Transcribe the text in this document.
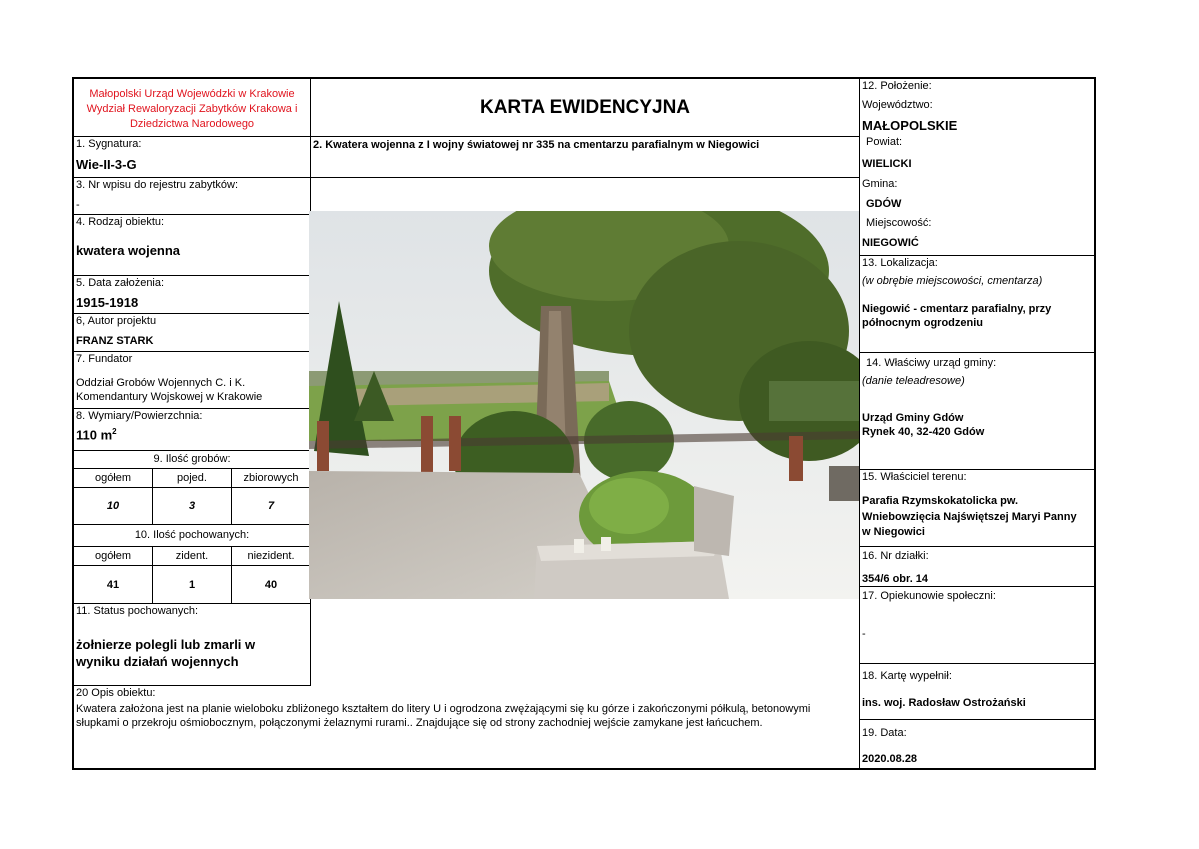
Małopolski Urząd Wojewódzki w Krakowie
Wydział Rewaloryzacji Zabytków Krakowa i
Dziedzictwa Narodowego
1. Sygnatura:
Wie-II-3-G
3. Nr wpisu do rejestru zabytków:
-
4. Rodzaj obiektu:
kwatera wojenna
5. Data założenia:
1915-1918
6, Autor projektu
FRANZ STARK
7. Fundator
Oddział Grobów Wojennych C. i K.
Komendantury Wojskowej w Krakowie
8. Wymiary/Powierzchnia:
110 $m^2$
9. Ilość grobów:
ogółem	pojed.	zbiorowych
10	3	7
10. Ilość pochowanych:
ogółem	zident.	niezident.
41	1	40
11. Status pochowanych:
żołnierze polegli lub zmarli w
wyniku działań wojennych
KARTA EWIDENCYJNA
2. Kwatera wojenna z I wojny światowej nr 335 na cmentarzu parafialnym w Niegowici
20 Opis obiektu:
Kwatera założona jest na planie wieloboku zbliżonego kształtem do litery U i ogrodzona zwężającymi się ku górze i zakończonymi półkulą, betonowymi
słupkami o przekroju ośmiobocznym, połączonymi żelaznymi rurami.. Znajdujące się od strony zachodniej wejście zamykane jest łańcuchem.
12. Położenie:
Województwo:
MAŁOPOLSKIE
Powiat:
WIELICKI
Gmina:
GDÓW
Miejscowość:
NIEGOWIĆ
13. Lokalizacja:
(w obrębie miejscowości, cmentarza)
Niegowić - cmentarz parafialny, przy
północnym ogrodzeniu
14. Właściwy urząd gminy:
(danie teleadresowe)
Urząd Gminy Gdów
Rynek 40, 32-420 Gdów
15. Właściciel terenu:
Parafia Rzymskokatolicka pw.
Wniebowzięcia Najświętszej Maryi Panny
w Niegowici
16. Nr działki:
354/6 obr. 14
17. Opiekunowie społeczni:
-
18. Kartę wypełnił:
ins. woj. Radosław Ostrożański
19. Data:
2020.08.28
